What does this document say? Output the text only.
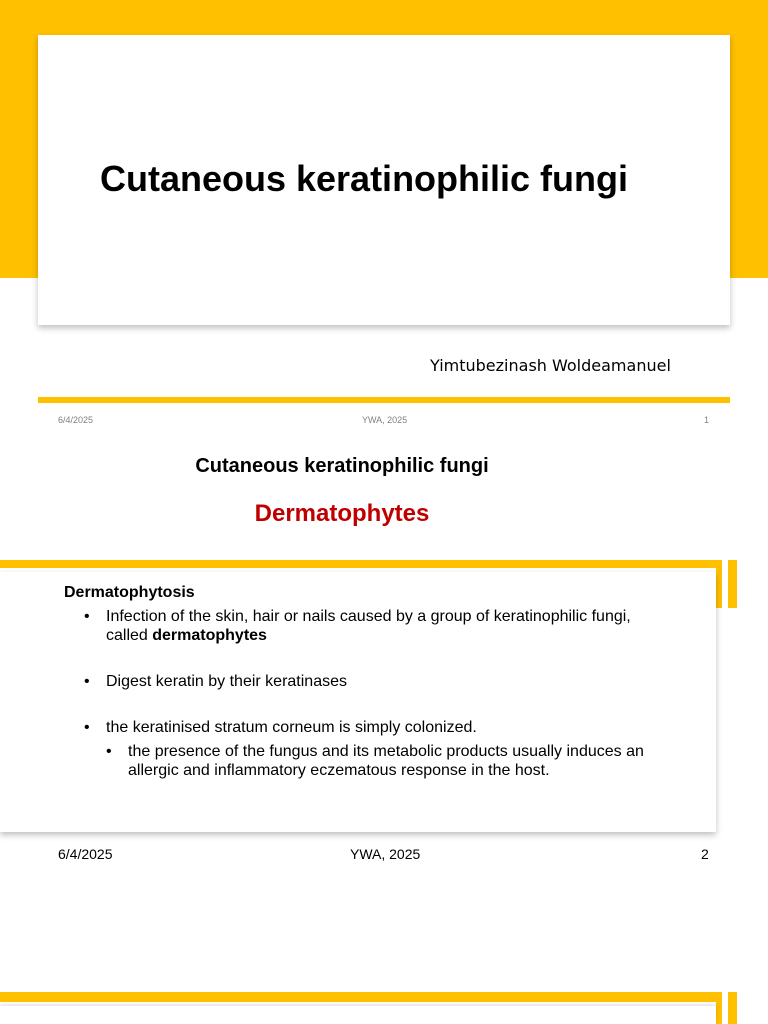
Cutaneous keratinophilic fungi
Yimtubezinash Woldeamanuel
6/4/2025	YWA, 2025	1
Cutaneous keratinophilic fungi
Dermatophytes
Dermatophytosis
• Infection of the skin, hair or nails caused by a group of keratinophilic fungi, called dermatophytes
• Digest keratin by their keratinases
• the keratinised stratum corneum is simply colonized.
• the presence of the fungus and its metabolic products usually induces an allergic and inflammatory eczematous response in the host.
6/4/2025	YWA, 2025	2
